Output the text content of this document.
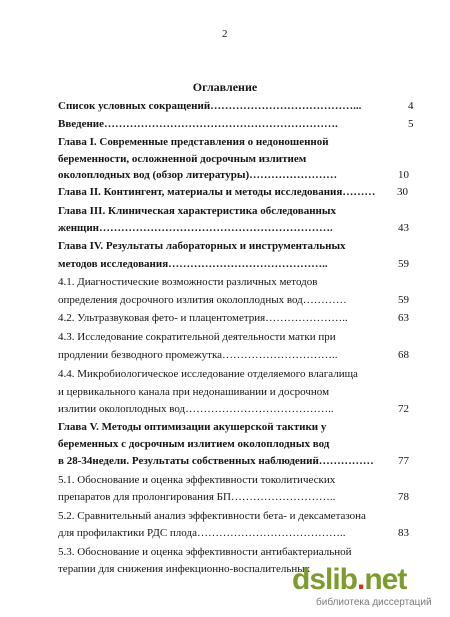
2
Оглавление
Список условных сокращений…………………………………...	4
Введение……………………………………………………….	5
Глава I. Современные представления о недоношенной
беременности, осложненной досрочным излитием
околоплодных вод (обзор литературы)……………………	10
Глава II. Контингент, материалы и методы исследования……… 30
Глава III. Клиническая характеристика обследованных
женщин……………………………………………………….	43
Глава IV. Результаты лабораторных и инструментальных
методов исследования……………………………………..	59
4.1. Диагностические возможности различных методов
определения досрочного излития околоплодных вод…………	59
4.2. Ультразвуковая фето- и плацентометрия…………………..	63
4.3. Исследование сократительной деятельности матки при
продлении безводного промежутка…………………………..	68
4.4. Микробиологическое исследование отделяемого влагалища
и цервикального канала при недонашивании и досрочном
излитии околоплодных вод…………………………………..	72
Глава V. Методы оптимизации акушерской тактики у
беременных с досрочным излитием околоплодных вод
в 28-34недели. Результаты собственных наблюдений…………… 77
5.1. Обоснование и оценка эффективности токолитических
препаратов для пролонгирования БП………………………..	78
5.2. Сравнительный анализ эффективности бета- и дексаметазона
для профилактики РДС плода…………………………………..	83
5.3. Обоснование и оценка эффективности антибактериальной
терапии для снижения инфекционно-воспалительных
dslib.net
библиотека диссертаций
